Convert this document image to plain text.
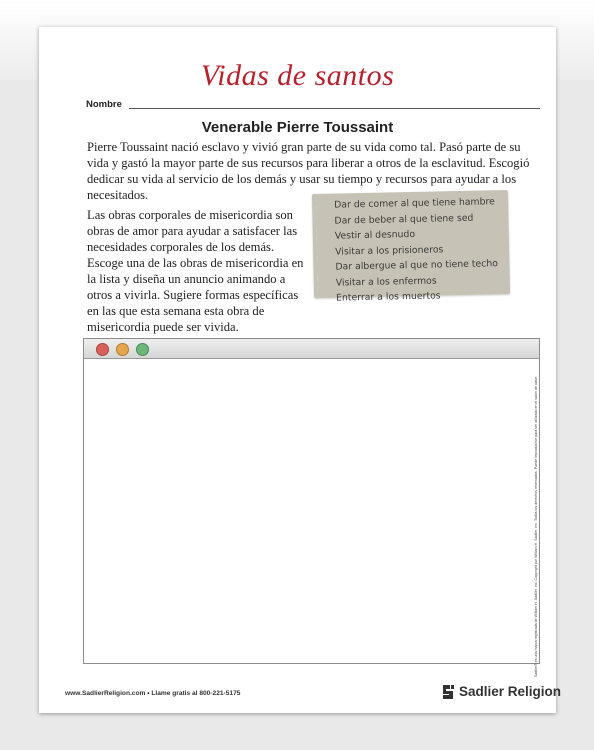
Vidas de santos
Nombre
Venerable Pierre Toussaint

Pierre Toussaint nació esclavo y vivió gran parte de su vida como tal. Pasó parte de su vida y gastó la mayor parte de sus recursos para liberar a otros de la esclavitud. Escogió dedicar su vida al servicio de los demás y usar su tiempo y recursos para ayudar a los necesitados.

Las obras corporales de misericordia son obras de amor para ayudar a satisfacer las necesidades corporales de los demás. Escoge una de las obras de misericordia en la lista y diseña un anuncio animando a otros a vivirla. Sugiere formas específicas en las que esta semana esta obra de misericordia puede ser vivida.

Dar de comer al que tiene hambre
Dar de beber al que tiene sed
Vestir al desnudo
Visitar a los prisioneros
Dar albergue al que no tiene techo
Visitar a los enfermos
Enterrar a los muertos
www.SadlierReligion.com • Llame gratis al 800-221-5175	Sadlier Religion
Sadlier® es una marca registrada de William H. Sadlier, Inc. Copyright por William H. Sadlier, Inc. Todos los derechos reservados. Puede reproducirse para ser utilizado en el salón de clase.
